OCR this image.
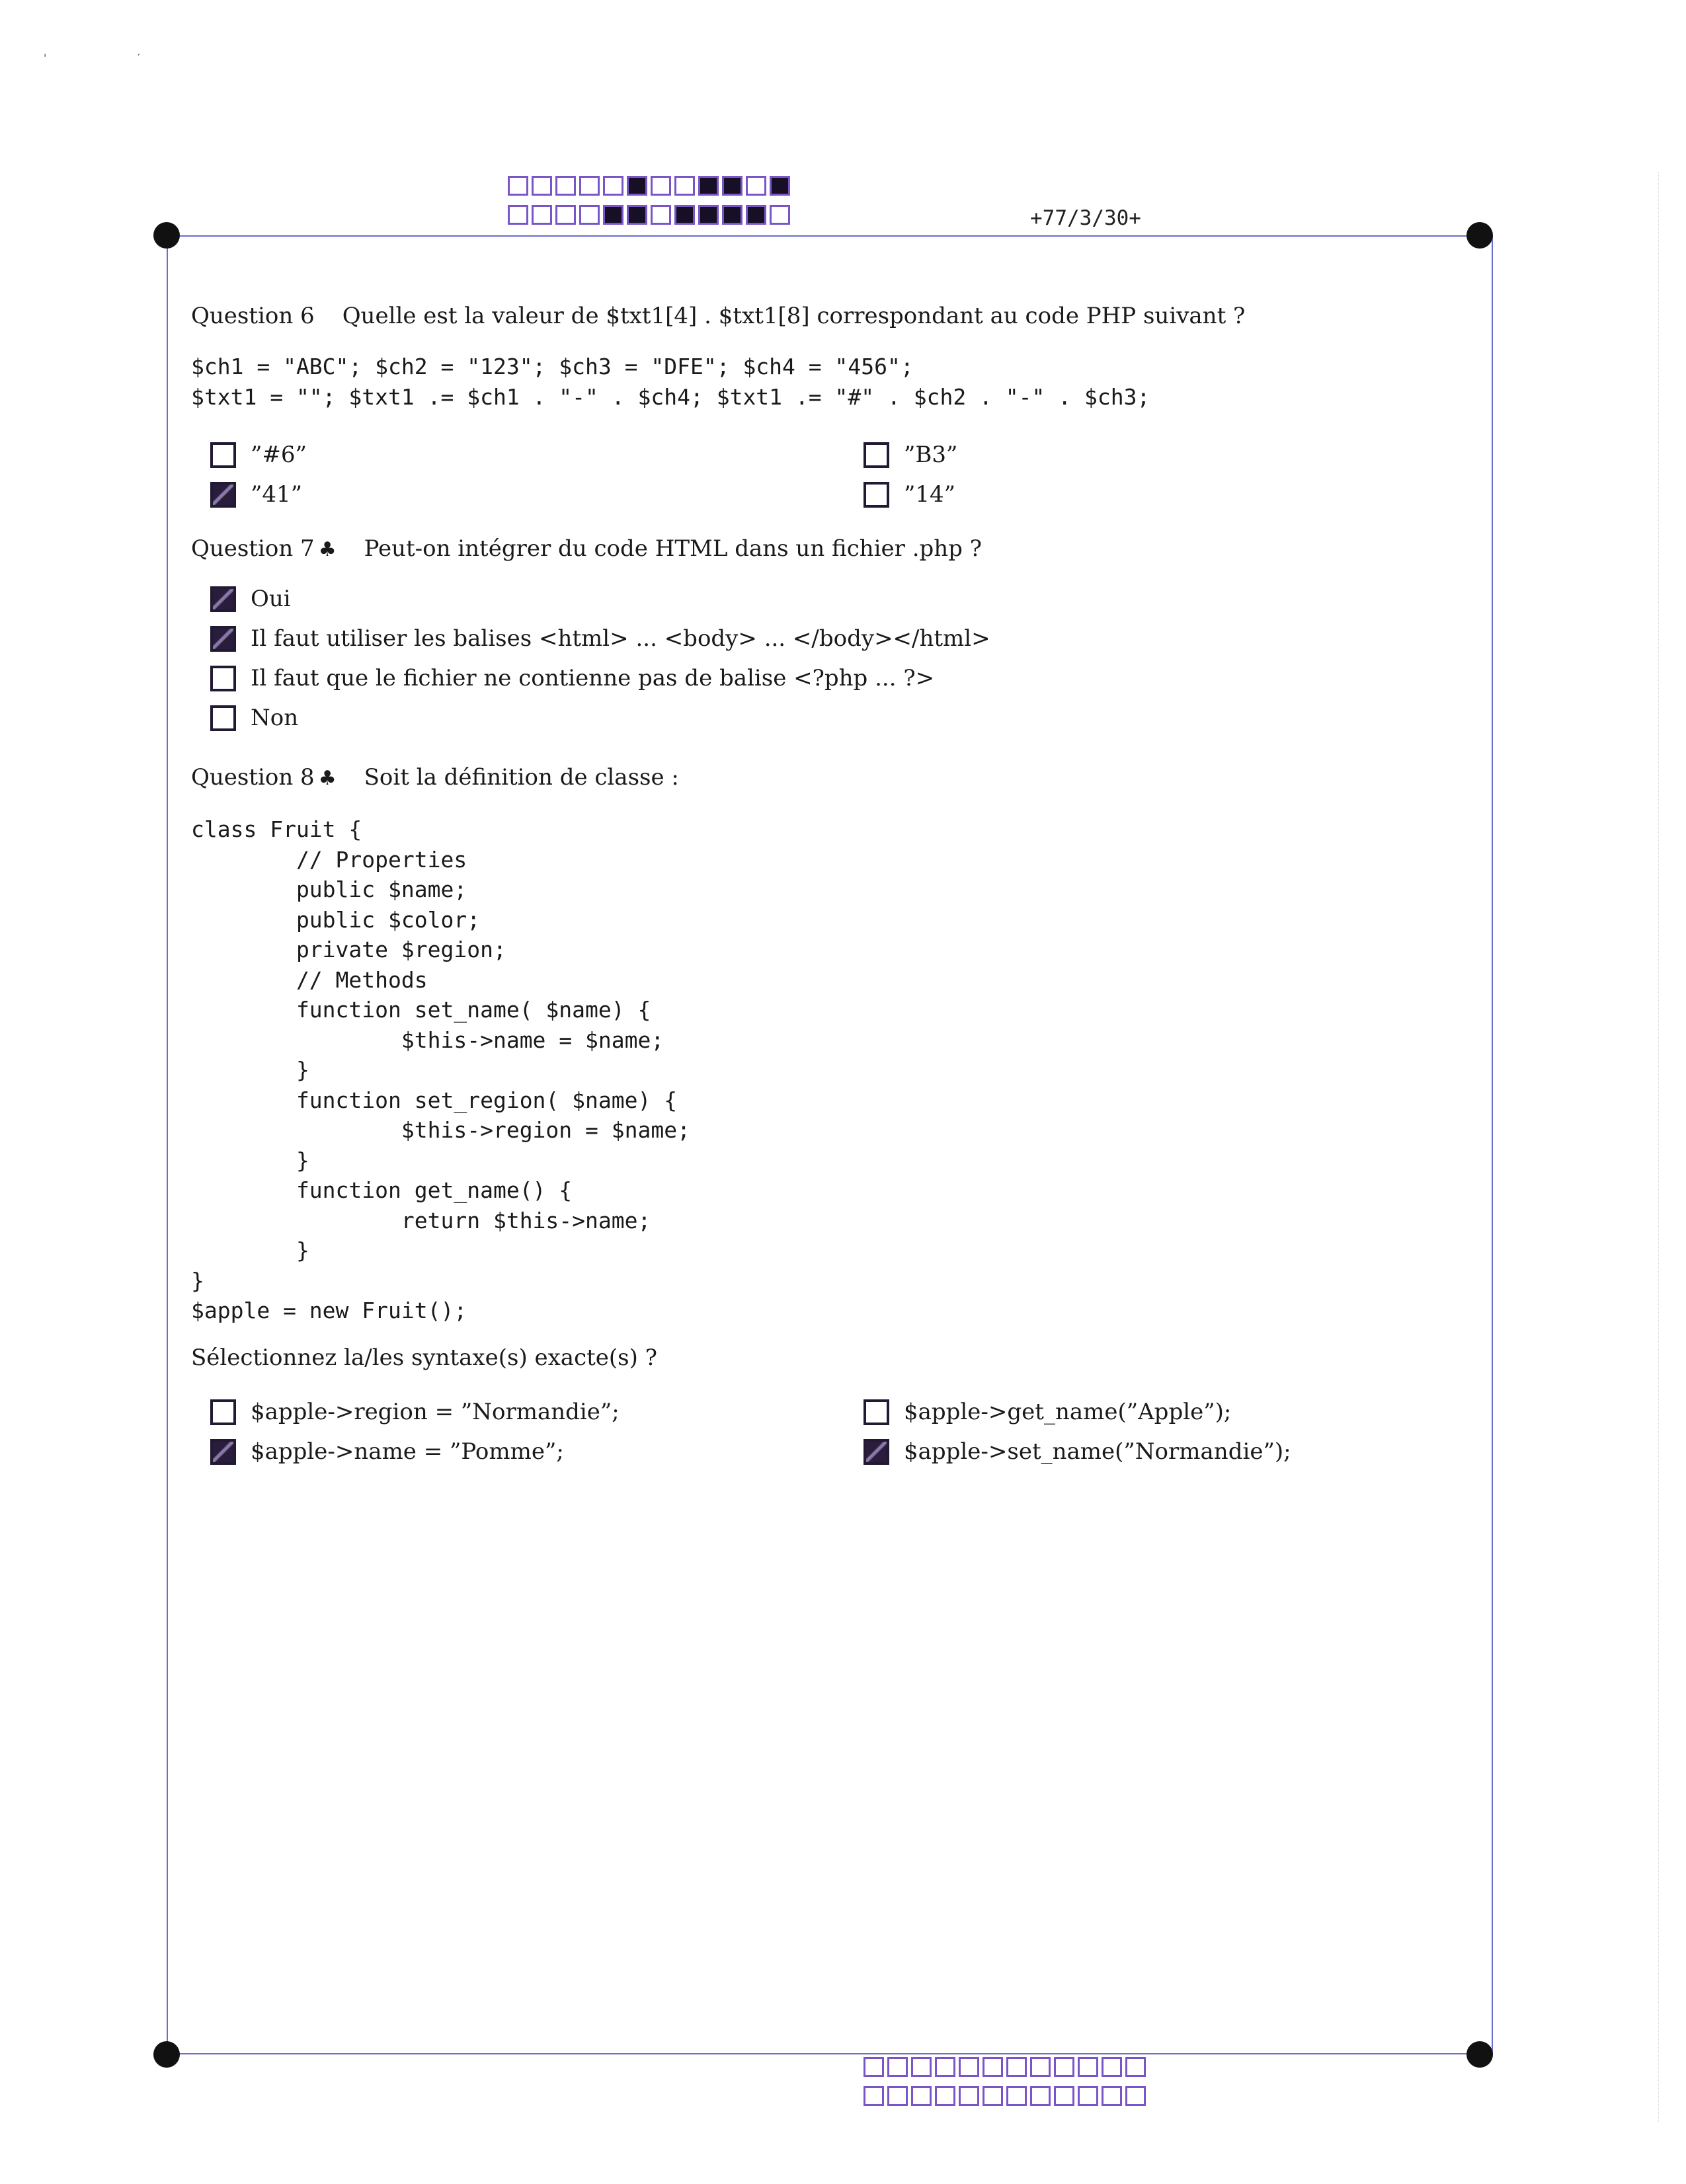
'	′
+77/3/30+
Question 6 Quelle est la valeur de $txt1[4] . $txt1[8] correspondant au code PHP suivant ?
$ch1 = "ABC"; $ch2 = "123"; $ch3 = "DFE"; $ch4 = "456";
$txt1 = ""; $txt1 .= $ch1 . "-" . $ch4; $txt1 .= "#" . $ch2 . "-" . $ch3;
”#6”	”B3”
”41”	”14”
Question 7 ♣ Peut-on intégrer du code HTML dans un fichier .php ?
Oui
Il faut utiliser les balises <html> ... <body> ... </body></html>
Il faut que le fichier ne contienne pas de balise <?php ... ?>
Non
Question 8 ♣ Soit la définition de classe :
class Fruit {
// Properties
public $name;
public $color;
private $region;
// Methods
function set_name( $name) {
$this->name = $name;
}
function set_region( $name) {
$this->region = $name;
}
function get_name() {
return $this->name;
}
}
$apple = new Fruit();
Sélectionnez la/les syntaxe(s) exacte(s) ?
$apple->region = ”Normandie”;	$apple->get_name(”Apple”);
$apple->name = ”Pomme”;	$apple->set_name(”Normandie”);
